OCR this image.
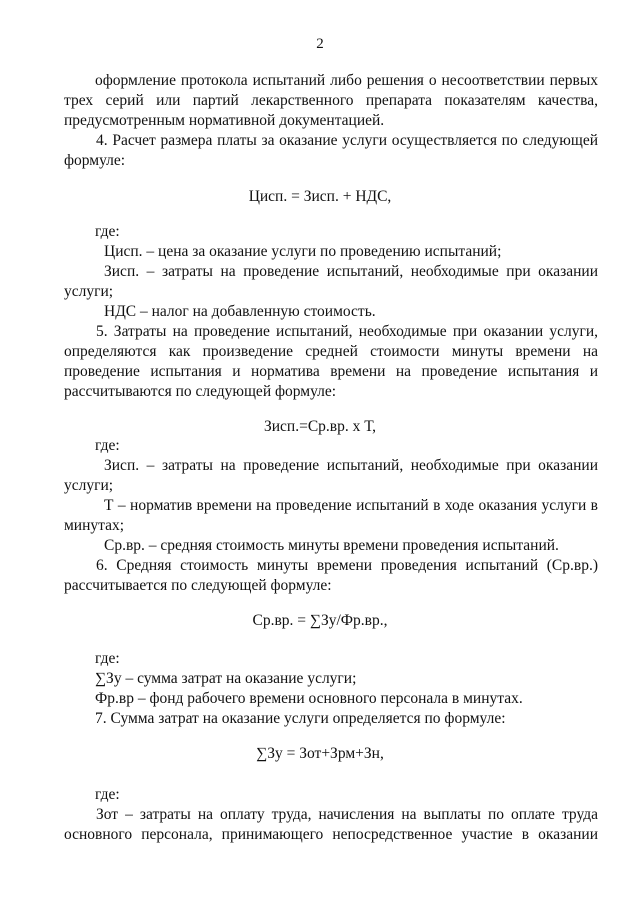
2
оформление протокола испытаний либо решения о несоответствии первых
трех серий или партий лекарственного препарата показателям качества,
предусмотренным нормативной документацией.
4. Расчет размера платы за оказание услуги осуществляется по следующей
формуле:
Цисп. = Зисп. + НДС,
где:
Цисп. – цена за оказание услуги по проведению испытаний;
Зисп. – затраты на проведение испытаний, необходимые при оказании
услуги;
НДС – налог на добавленную стоимость.
5. Затраты на проведение испытаний, необходимые при оказании услуги,
определяются как произведение средней стоимости минуты времени на
проведение испытания и норматива времени на проведение испытания и
рассчитываются по следующей формуле:
Зисп.=Ср.вр. х Т,
где:
Зисп. – затраты на проведение испытаний, необходимые при оказании
услуги;
Т – норматив времени на проведение испытаний в ходе оказания услуги в
минутах;
Ср.вр. – средняя стоимость минуты времени проведения испытаний.
6. Средняя стоимость минуты времени проведения испытаний (Ср.вр.)
рассчитывается по следующей формуле:
Ср.вр. = ∑Зу/Фр.вр.,
где:
∑Зу – сумма затрат на оказание услуги;
Фр.вр – фонд рабочего времени основного персонала в минутах.
7. Сумма затрат на оказание услуги определяется по формуле:
∑Зу = Зот+Зрм+Зн,
где:
Зот – затраты на оплату труда, начисления на выплаты по оплате труда
основного персонала, принимающего непосредственное участие в оказании
